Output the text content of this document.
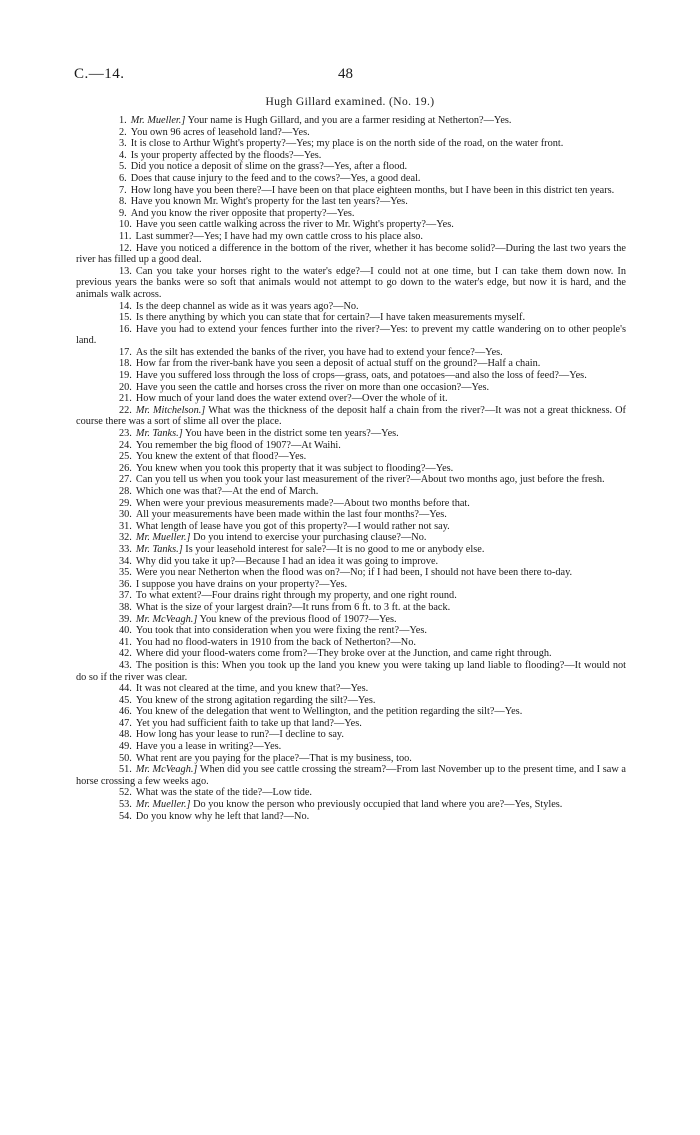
C.—14.	48
Hugh Gillard examined. (No. 19.)

1. Mr. Mueller.] Your name is Hugh Gillard, and you are a farmer residing at Netherton?—Yes.

2. You own 96 acres of leasehold land?—Yes.

3. It is close to Arthur Wight's property?—Yes; my place is on the north side of the road, on the water front.

4. Is your property affected by the floods?—Yes.

5. Did you notice a deposit of slime on the grass?—Yes, after a flood.

6. Does that cause injury to the feed and to the cows?—Yes, a good deal.

7. How long have you been there?—I have been on that place eighteen months, but I have been in this district ten years.

8. Have you known Mr. Wight's property for the last ten years?—Yes.

9. And you know the river opposite that property?—Yes.

10. Have you seen cattle walking across the river to Mr. Wight's property?—Yes.

11. Last summer?—Yes; I have had my own cattle cross to his place also.

12. Have you noticed a difference in the bottom of the river, whether it has become solid?—During the last two years the river has filled up a good deal.

13. Can you take your horses right to the water's edge?—I could not at one time, but I can take them down now. In previous years the banks were so soft that animals would not attempt to go down to the water's edge, but now it is hard, and the animals walk across.

14. Is the deep channel as wide as it was years ago?—No.

15. Is there anything by which you can state that for certain?—I have taken measurements myself.

16. Have you had to extend your fences further into the river?—Yes: to prevent my cattle wandering on to other people's land.

17. As the silt has extended the banks of the river, you have had to extend your fence?—Yes.

18. How far from the river-bank have you seen a deposit of actual stuff on the ground?—Half a chain.

19. Have you suffered loss through the loss of crops—grass, oats, and potatoes—and also the loss of feed?—Yes.

20. Have you seen the cattle and horses cross the river on more than one occasion?—Yes.

21. How much of your land does the water extend over?—Over the whole of it.

22. Mr. Mitchelson.] What was the thickness of the deposit half a chain from the river?—It was not a great thickness. Of course there was a sort of slime all over the place.

23. Mr. Tanks.] You have been in the district some ten years?—Yes.

24. You remember the big flood of 1907?—At Waihi.

25. You knew the extent of that flood?—Yes.

26. You knew when you took this property that it was subject to flooding?—Yes.

27. Can you tell us when you took your last measurement of the river?—About two months ago, just before the fresh.

28. Which one was that?—At the end of March.

29. When were your previous measurements made?—About two months before that.

30. All your measurements have been made within the last four months?—Yes.

31. What length of lease have you got of this property?—I would rather not say.

32. Mr. Mueller.] Do you intend to exercise your purchasing clause?—No.

33. Mr. Tanks.] Is your leasehold interest for sale?—It is no good to me or anybody else.

34. Why did you take it up?—Because I had an idea it was going to improve.

35. Were you near Netherton when the flood was on?—No; if I had been, I should not have been there to-day.

36. I suppose you have drains on your property?—Yes.

37. To what extent?—Four drains right through my property, and one right round.

38. What is the size of your largest drain?—It runs from 6 ft. to 3 ft. at the back.

39. Mr. McVeagh.] You knew of the previous flood of 1907?—Yes.

40. You took that into consideration when you were fixing the rent?—Yes.

41. You had no flood-waters in 1910 from the back of Netherton?—No.

42. Where did your flood-waters come from?—They broke over at the Junction, and came right through.

43. The position is this: When you took up the land you knew you were taking up land liable to flooding?—It would not do so if the river was clear.

44. It was not cleared at the time, and you knew that?—Yes.

45. You knew of the strong agitation regarding the silt?—Yes.

46. You knew of the delegation that went to Wellington, and the petition regarding the silt?—Yes.

47. Yet you had sufficient faith to take up that land?—Yes.

48. How long has your lease to run?—I decline to say.

49. Have you a lease in writing?—Yes.

50. What rent are you paying for the place?—That is my business, too.

51. Mr. McVeagh.] When did you see cattle crossing the stream?—From last November up to the present time, and I saw a horse crossing a few weeks ago.

52. What was the state of the tide?—Low tide.

53. Mr. Mueller.] Do you know the person who previously occupied that land where you are?—Yes, Styles.

54. Do you know why he left that land?—No.
